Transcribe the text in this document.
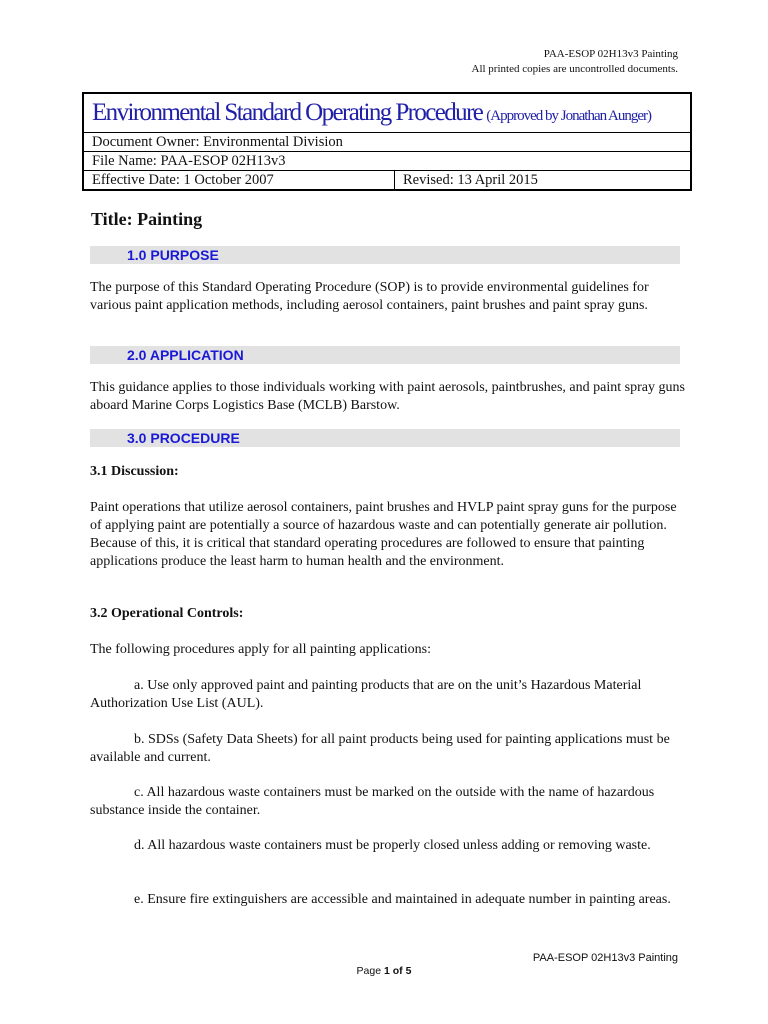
PAA-ESOP 02H13v3 Painting
All printed copies are uncontrolled documents.
Environmental Standard Operating Procedure (Approved by Jonathan Aunger)
Document Owner: Environmental Division
File Name: PAA-ESOP 02H13v3
Effective Date: 1 October 2007	Revised: 13 April 2015
Title: Painting
1.0 PURPOSE

The purpose of this Standard Operating Procedure (SOP) is to provide environmental guidelines for various paint application methods, including aerosol containers, paint brushes and paint spray guns.

2.0 APPLICATION

This guidance applies to those individuals working with paint aerosols, paintbrushes, and paint spray guns aboard Marine Corps Logistics Base (MCLB) Barstow.

3.0 PROCEDURE

3.1 Discussion:

Paint operations that utilize aerosol containers, paint brushes and HVLP paint spray guns for the purpose of applying paint are potentially a source of hazardous waste and can potentially generate air pollution. Because of this, it is critical that standard operating procedures are followed to ensure that painting applications produce the least harm to human health and the environment.

3.2 Operational Controls:

The following procedures apply for all painting applications:

a. Use only approved paint and painting products that are on the unit’s Hazardous Material Authorization Use List (AUL).

b. SDSs (Safety Data Sheets) for all paint products being used for painting applications must be available and current.

c. All hazardous waste containers must be marked on the outside with the name of hazardous substance inside the container.

d. All hazardous waste containers must be properly closed unless adding or removing waste.

e. Ensure fire extinguishers are accessible and maintained in adequate number in painting areas.

PAA-ESOP 02H13v3 Painting
Page 1 of 5
